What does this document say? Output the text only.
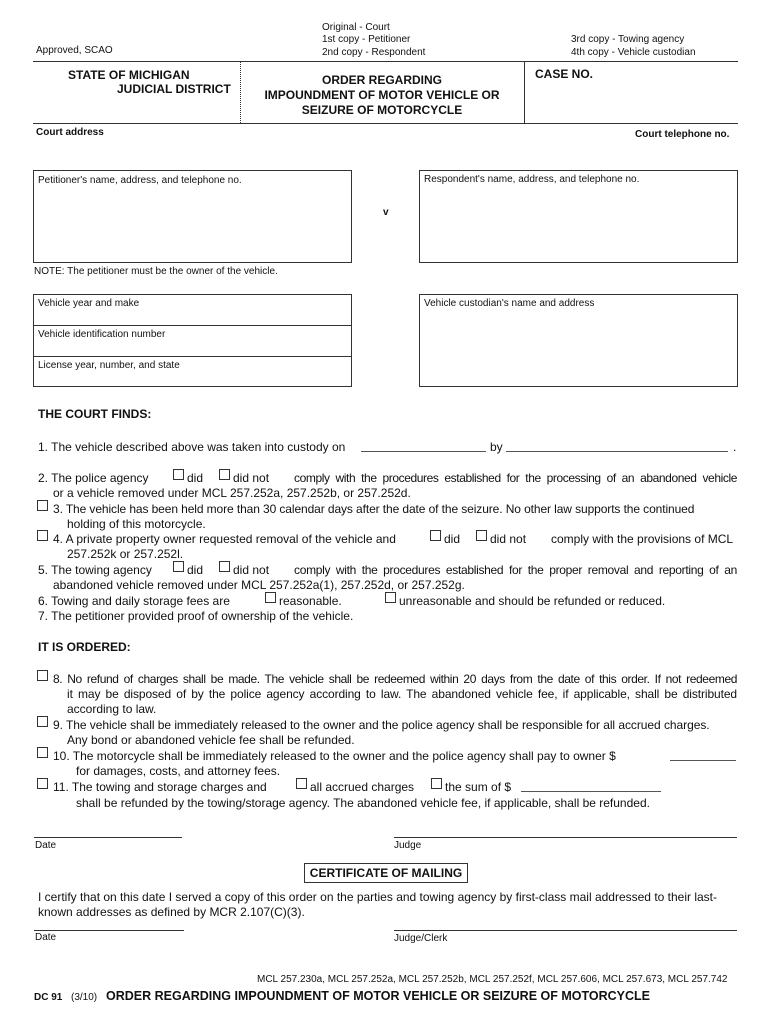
Approved, SCAO
Original - Court
1st copy - Petitioner
2nd copy - Respondent
3rd copy - Towing agency
4th copy - Vehicle custodian
STATE OF MICHIGAN
JUDICIAL DISTRICT
ORDER REGARDING
IMPOUNDMENT OF MOTOR VEHICLE OR
SEIZURE OF MOTORCYCLE
CASE NO.
Court address	Court telephone no.
Petitioner's name, address, and telephone no.
v
Respondent's name, address, and telephone no.
NOTE: The petitioner must be the owner of the vehicle.
Vehicle year and make
Vehicle identification number
License year, number, and state
Vehicle custodian's name and address
THE COURT FINDS:
1. The vehicle described above was taken into custody on	by	.
2. The police agency	did did not comply with the procedures established for the processing of an abandoned vehicle
or a vehicle removed under MCL 257.252a, 257.252b, or 257.252d.
3. The vehicle has been held more than 30 calendar days after the date of the seizure. No other law supports the continued
holding of this motorcycle.
4. A private property owner requested removal of the vehicle and	did did not comply with the provisions of MCL
257.252k or 257.252l.
5. The towing agency	did did not comply with the procedures established for the proper removal and reporting of an
abandoned vehicle removed under MCL 257.252a(1), 257.252d, or 257.252g.
6. Towing and daily storage fees are	reasonable.	unreasonable and should be refunded or reduced.
7. The petitioner provided proof of ownership of the vehicle.
IT IS ORDERED:
8. No refund of charges shall be made. The vehicle shall be redeemed within 20 days from the date of this order. If not redeemed
it may be disposed of by the police agency according to law. The abandoned vehicle fee, if applicable, shall be distributed
according to law.
9. The vehicle shall be immediately released to the owner and the police agency shall be responsible for all accrued charges.
Any bond or abandoned vehicle fee shall be refunded.
10. The motorcycle shall be immediately released to the owner and the police agency shall pay to owner $
for damages, costs, and attorney fees.
11. The towing and storage charges and	all accrued charges	the sum of $
shall be refunded by the towing/storage agency. The abandoned vehicle fee, if applicable, shall be refunded.
Date	Judge
CERTIFICATE OF MAILING
I certify that on this date I served a copy of this order on the parties and towing agency by first-class mail addressed to their last-
known addresses as defined by MCR 2.107(C)(3).
Date	Judge/Clerk
MCL 257.230a, MCL 257.252a, MCL 257.252b, MCL 257.252f, MCL 257.606, MCL 257.673, MCL 257.742
DC 91 (3/10) ORDER REGARDING IMPOUNDMENT OF MOTOR VEHICLE OR SEIZURE OF MOTORCYCLE
